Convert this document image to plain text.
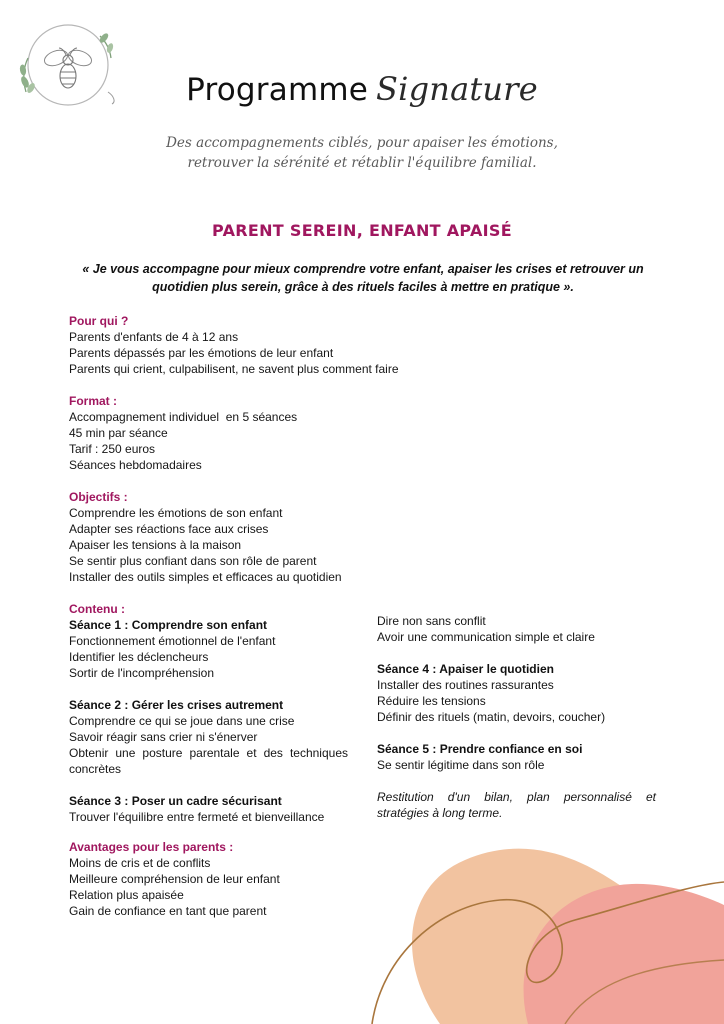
Programme Signature
Des accompagnements ciblés, pour apaiser les émotions,
retrouver la sérénité et rétablir l'équilibre familial.
PARENT SEREIN, ENFANT APAISÉ
« Je vous accompagne pour mieux comprendre votre enfant, apaiser les crises et retrouver un quotidien plus serein, grâce à des rituels faciles à mettre en pratique ».
Pour qui ?
Parents d'enfants de 4 à 12 ans
Parents dépassés par les émotions de leur enfant
Parents qui crient, culpabilisent, ne savent plus comment faire
Format :
Accompagnement individuel  en 5 séances
45 min par séance
Tarif : 250 euros
Séances hebdomadaires
Objectifs :
Comprendre les émotions de son enfant
Adapter ses réactions face aux crises
Apaiser les tensions à la maison
Se sentir plus confiant dans son rôle de parent
Installer des outils simples et efficaces au quotidien
Contenu :
Séance 1 : Comprendre son enfant
Fonctionnement émotionnel de l'enfant
Identifier les déclencheurs
Sortir de l'incompréhension
Séance 2 : Gérer les crises autrement
Comprendre ce qui se joue dans une crise
Savoir réagir sans crier ni s'énerver
Obtenir une posture parentale et des techniques concrètes
Séance 3 : Poser un cadre sécurisant
Trouver l'équilibre entre fermeté et bienveillance
Avantages pour les parents :
Moins de cris et de conflits
Meilleure compréhension de leur enfant
Relation plus apaisée
Gain de confiance en tant que parent
Dire non sans conflit
Avoir une communication simple et claire
Séance 4 : Apaiser le quotidien
Installer des routines rassurantes
Réduire les tensions
Définir des rituels (matin, devoirs, coucher)
Séance 5 : Prendre confiance en soi
Se sentir légitime dans son rôle
Restitution d'un bilan, plan personnalisé et stratégies à long terme.
